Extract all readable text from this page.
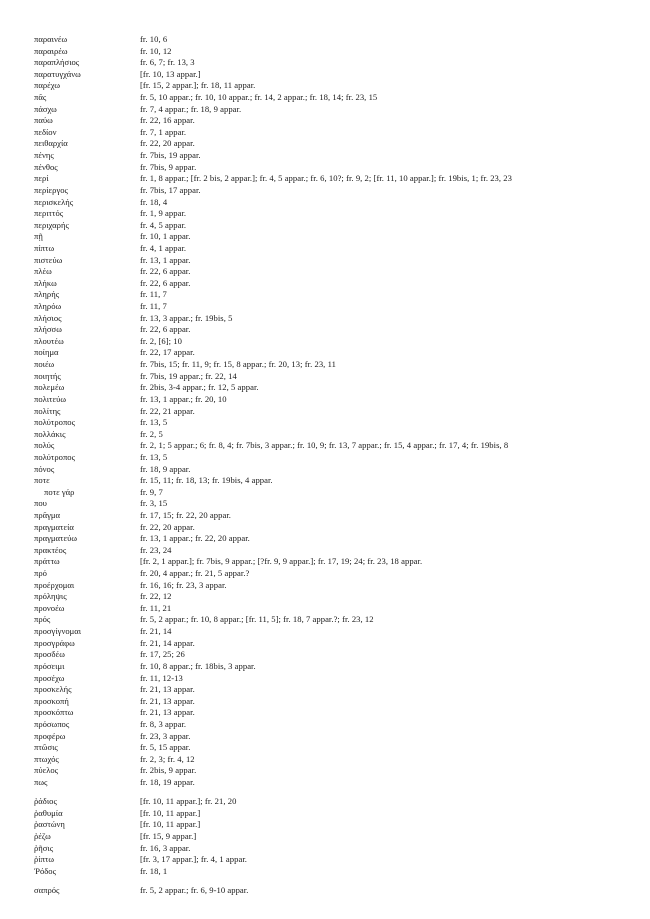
παραινέω	fr. 10, 6
παραιρέω	fr. 10, 12
παραπλήσιος	fr. 6, 7; fr. 13, 3
παρατυγχάνω	[fr. 10, 13 appar.]
παρέχω	[fr. 15, 2 appar.]; fr. 18, 11 appar.
πᾶς	fr. 5, 10 appar.; fr. 10, 10 appar.; fr. 14, 2 appar.; fr. 18, 14; fr. 23, 15
πάσχω	fr. 7, 4 appar.; fr. 18, 9 appar.
παύω	fr. 22, 16 appar.
πεδίον	fr. 7, 1 appar.
πειθαρχία	fr. 22, 20 appar.
πένης	fr. 7bis, 19 appar.
πένθος	fr. 7bis, 9 appar.
περί	fr. 1, 8 appar.; [fr. 2 bis, 2 appar.]; fr. 4, 5 appar.; fr. 6, 10?; fr. 9, 2; [fr. 11, 10 appar.]; fr. 19bis, 1; fr. 23, 23
περίεργος	fr. 7bis, 17 appar.
περισκελής	fr. 18, 4
περιττός	fr. 1, 9 appar.
περιχαρής	fr. 4, 5 appar.
πῇ	fr. 10, 1 appar.
πίπτω	fr. 4, 1 appar.
πιστεύω	fr. 13, 1 appar.
πλέω	fr. 22, 6 appar.
πλήκω	fr. 22, 6 appar.
πληρής	fr. 11, 7
πληρόω	fr. 11, 7
πλήσιος	fr. 13, 3 appar.; fr. 19bis, 5
πλήσσω	fr. 22, 6 appar.
πλουτέω	fr. 2, [6]; 10
ποίημα	fr. 22, 17 appar.
ποιέω	fr. 7bis, 15; fr. 11, 9; fr. 15, 8 appar.; fr. 20, 13; fr. 23, 11
ποιητής	fr. 7bis, 19 appar.; fr. 22, 14
πολεμέω	fr. 2bis, 3-4 appar.; fr. 12, 5 appar.
πολιτεύω	fr. 13, 1 appar.; fr. 20, 10
πολίτης	fr. 22, 21 appar.
πολύτροπος	fr. 13, 5
πολλάκις	fr. 2, 5
πολύς	fr. 2, 1; 5 appar.; 6; fr. 8, 4; fr. 7bis, 3 appar.; fr. 10, 9; fr. 13, 7 appar.; fr. 15, 4 appar.; fr. 17, 4; fr. 19bis, 8
πολύτροπος	fr. 13, 5
πόνος	fr. 18, 9 appar.
ποτε	fr. 15, 11; fr. 18, 13; fr. 19bis, 4 appar.
ποτε γάρ	fr. 9, 7
που	fr. 3, 15
πρᾶγμα	fr. 17, 15; fr. 22, 20 appar.
πραγματεία	fr. 22, 20 appar.
πραγματεύω	fr. 13, 1 appar.; fr. 22, 20 appar.
πρακτέος	fr. 23, 24
πράττω	[fr. 2, 1 appar.]; fr. 7bis, 9 appar.; [?fr. 9, 9 appar.]; fr. 17, 19; 24; fr. 23, 18 appar.
πρό	fr. 20, 4 appar.; fr. 21, 5 appar.?
προέρχομαι	fr. 16, 16; fr. 23, 3 appar.
πρόληψις	fr. 22, 12
προνοέω	fr. 11, 21
πρός	fr. 5, 2 appar.; fr. 10, 8 appar.; [fr. 11, 5]; fr. 18, 7 appar.?; fr. 23, 12
προσγίγνομαι	fr. 21, 14
προσγράφω	fr. 21, 14 appar.
προσδέω	fr. 17, 25; 26
πρόσειμι	fr. 10, 8 appar.; fr. 18bis, 3 appar.
προσέχω	fr. 11, 12-13
προσκελής	fr. 21, 13 appar.
προσκοπή	fr. 21, 13 appar.
προσκόπτω	fr. 21, 13 appar.
πρόσωπος	fr. 8, 3 appar.
προφέρω	fr. 23, 3 appar.
πτῶσις	fr. 5, 15 appar.
πτωχός	fr. 2, 3; fr. 4, 12
πύελος	fr. 2bis, 9 appar.
πως	fr. 18, 19 appar.
ῥάδιος	[fr. 10, 11 appar.]; fr. 21, 20
ῥαθυμία	[fr. 10, 11 appar.]
ῥαστώνη	[fr. 10, 11 appar.]
ῥέζω	[fr. 15, 9 appar.]
ῥῆσις	fr. 16, 3 appar.
ῥίπτω	[fr. 3, 17 appar.]; fr. 4, 1 appar.
Ῥόδος	fr. 18, 1
σαπρός	fr. 5, 2 appar.; fr. 6, 9-10 appar.
